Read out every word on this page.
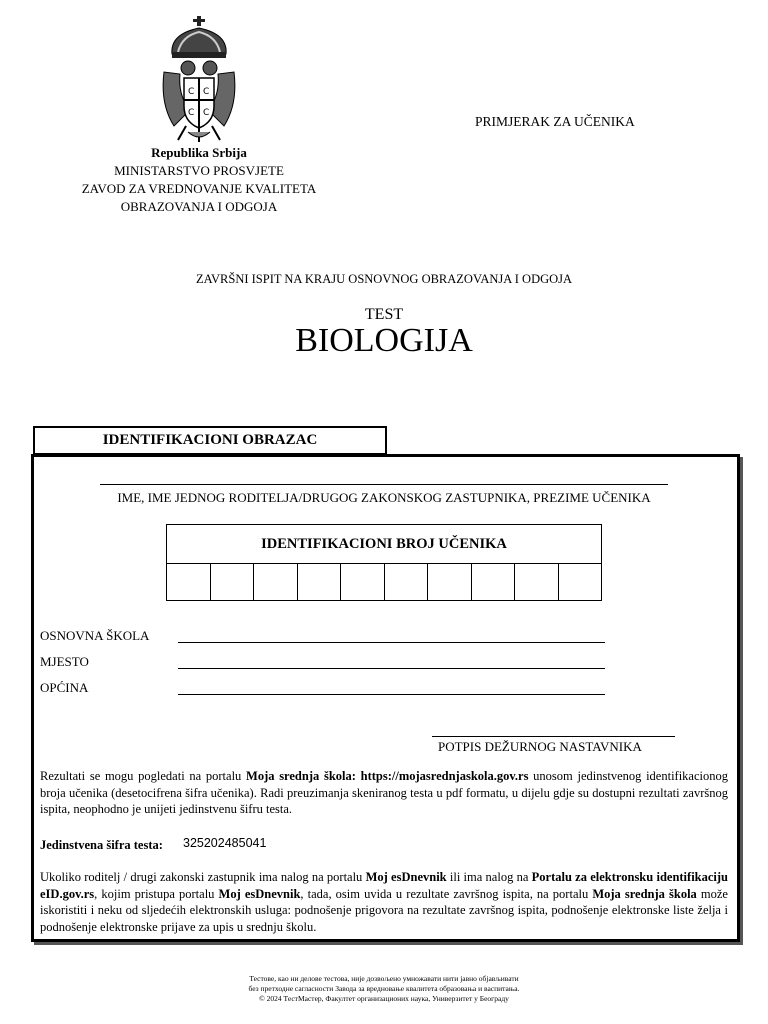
С С
С С
Republika Srbija
MINISTARSTVO PROSVJETE
ZAVOD ZA VREDNOVANJE KVALITETA
OBRAZOVANJA I ODGOJA
PRIMJERAK ZA UČENIKA
ZAVRŠNI ISPIT NA KRAJU OSNOVNOG OBRAZOVANJA I ODGOJA
TEST
BIOLOGIJA
IDENTIFIKACIONI OBRAZAC
IME, IME JEDNOG RODITELJA/DRUGOG ZAKONSKOG ZASTUPNIKA, PREZIME UČENIKA
IDENTIFIKACIONI BROJ UČENIKA
OSNOVNA ŠKOLA
MJESTO
OPĆINA
POTPIS DEŽURNOG NASTAVNIKA
Rezultati se mogu pogledati na portalu Moja srednja škola: https://mojasrednjaskola.gov.rs unosom jedinstvenog identifikacionog broja učenika (desetocifrena šifra učenika). Radi preuzimanja skeniranog testa u pdf formatu, u dijelu gdje su dostupni rezultati završnog ispita, neophodno je unijeti jedinstvenu šifru testa.
Jedinstvena šifra testa: 325202485041
Ukoliko roditelj / drugi zakonski zastupnik ima nalog na portalu Moj esDnevnik ili ima nalog na Portalu za elektronsku identifikaciju eID.gov.rs, kojim pristupa portalu Moj esDnevnik, tada, osim uvida u rezultate završnog ispita, na portalu Moja srednja škola može iskoristiti i neku od sljedećih elektronskih usluga: podnošenje prigovora na rezultate završnog ispita, podnošenje elektronske liste želja i podnošenje elektronske prijave za upis u srednju školu.
Тестове, као ни делове тестова, није дозвољено умножавати нити јавно објављивати
без претходне сагласности Завода за вредновање квалитета образовања и васпитања.
© 2024 ТестМастер, Факултет организационих наука, Универзитет у Београду
